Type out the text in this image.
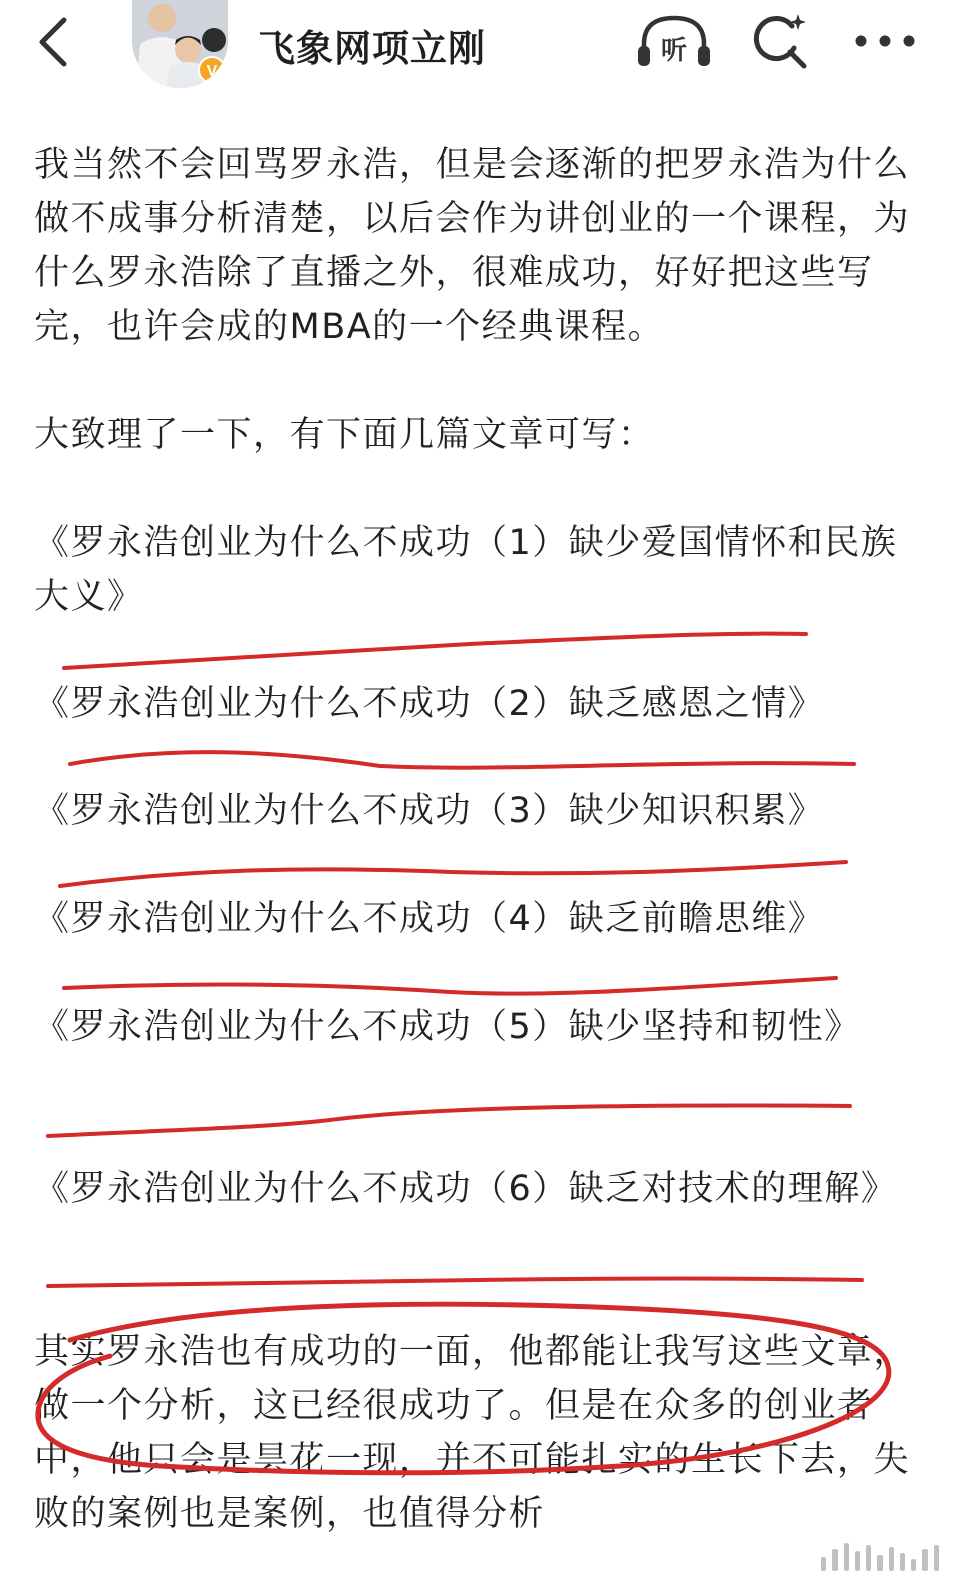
V
飞象网项立刚	听

我当然不会回骂罗永浩，但是会逐渐的把罗永浩为什么做不成事分析清楚，以后会作为讲创业的一个课程，为什么罗永浩除了直播之外，很难成功，好好把这些写完，也许会成的MBA的一个经典课程。

大致理了一下，有下面几篇文章可写：

《罗永浩创业为什么不成功（1）缺少爱国情怀和民族大义》

《罗永浩创业为什么不成功（2）缺乏感恩之情》

《罗永浩创业为什么不成功（3）缺少知识积累》

《罗永浩创业为什么不成功（4）缺乏前瞻思维》

《罗永浩创业为什么不成功（5）缺少坚持和韧性》

《罗永浩创业为什么不成功（6）缺乏对技术的理解》

其实罗永浩也有成功的一面，他都能让我写这些文章，做一个分析，这已经很成功了。但是在众多的创业者中，他只会是昙花一现，并不可能扎实的生长下去，失败的案例也是案例，也值得分析
